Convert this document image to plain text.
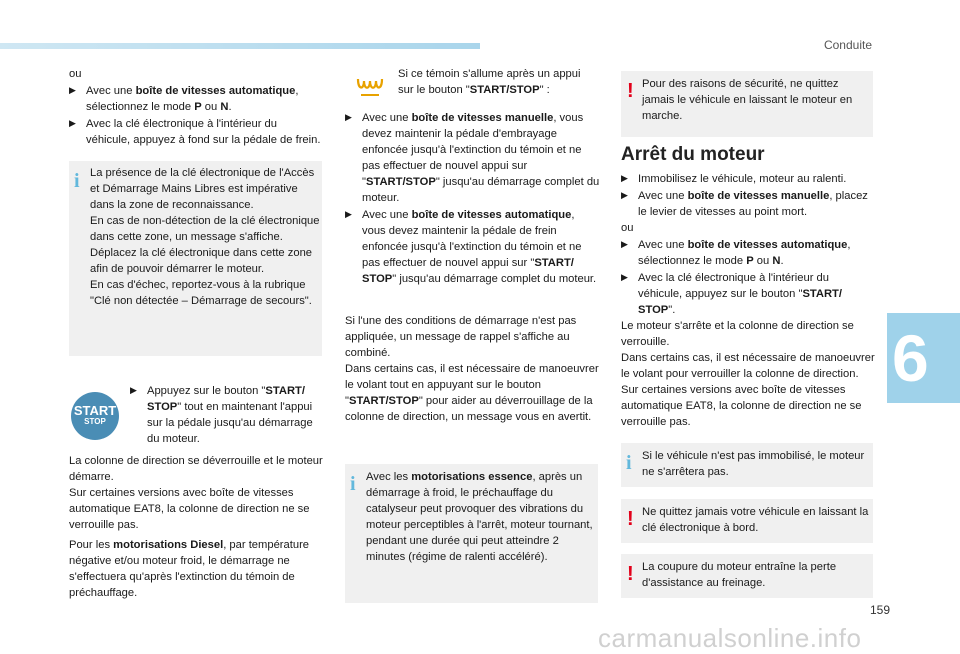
Conduite
6
159
carmanualsonline.info

ou

▶ Avec une boîte de vitesses automatique, sélectionnez le mode P ou N.

▶ Avec la clé électronique à l'intérieur du véhicule, appuyez à fond sur la pédale de frein.

i La présence de la clé électronique de l'Accès et Démarrage Mains Libres est impérative dans la zone de reconnaissance.
En cas de non-détection de la clé électronique dans cette zone, un message s'affiche.
Déplacez la clé électronique dans cette zone afin de pouvoir démarrer le moteur.
En cas d'échec, reportez-vous à la rubrique "Clé non détectée – Démarrage de secours".
START
STOP

▶ Appuyez sur le bouton "START/ STOP" tout en maintenant l'appui sur la pédale jusqu'au démarrage du moteur.

La colonne de direction se déverrouille et le moteur démarre.
Sur certaines versions avec boîte de vitesses automatique EAT8, la colonne de direction ne se verrouille pas.

Pour les motorisations Diesel, par température négative et/ou moteur froid, le démarrage ne s'effectuera qu'après l'extinction du témoin de préchauffage.

Si ce témoin s'allume après un appui sur le bouton "START/STOP" :

▶ Avec une boîte de vitesses manuelle, vous devez maintenir la pédale d'embrayage enfoncée jusqu'à l'extinction du témoin et ne pas effectuer de nouvel appui sur "START/STOP" jusqu'au démarrage complet du moteur.

▶ Avec une boîte de vitesses automatique, vous devez maintenir la pédale de frein enfoncée jusqu'à l'extinction du témoin et ne pas effectuer de nouvel appui sur "START/ STOP" jusqu'au démarrage complet du moteur.

Si l'une des conditions de démarrage n'est pas appliquée, un message de rappel s'affiche au combiné.
Dans certains cas, il est nécessaire de manoeuvrer le volant tout en appuyant sur le bouton "START/STOP" pour aider au déverrouillage de la colonne de direction, un message vous en avertit.
i Avec les motorisations essence, après un démarrage à froid, le préchauffage du catalyseur peut provoquer des vibrations du moteur perceptibles à l'arrêt, moteur tournant, pendant une durée qui peut atteindre 2 minutes (régime de ralenti accéléré).
! Pour des raisons de sécurité, ne quittez jamais le véhicule en laissant le moteur en marche.
Arrêt du moteur

▶ Immobilisez le véhicule, moteur au ralenti.

▶ Avec une boîte de vitesses manuelle, placez le levier de vitesses au point mort.

ou

▶ Avec une boîte de vitesses automatique, sélectionnez le mode P ou N.

▶ Avec la clé électronique à l'intérieur du véhicule, appuyez sur le bouton "START/ STOP".

Le moteur s'arrête et la colonne de direction se verrouille.
Dans certains cas, il est nécessaire de manoeuvrer le volant pour verrouiller la colonne de direction.
Sur certaines versions avec boîte de vitesses automatique EAT8, la colonne de direction ne se verrouille pas.

i Si le véhicule n'est pas immobilisé, le moteur ne s'arrêtera pas.
! Ne quittez jamais votre véhicule en laissant la clé électronique à bord.
! La coupure du moteur entraîne la perte d'assistance au freinage.
